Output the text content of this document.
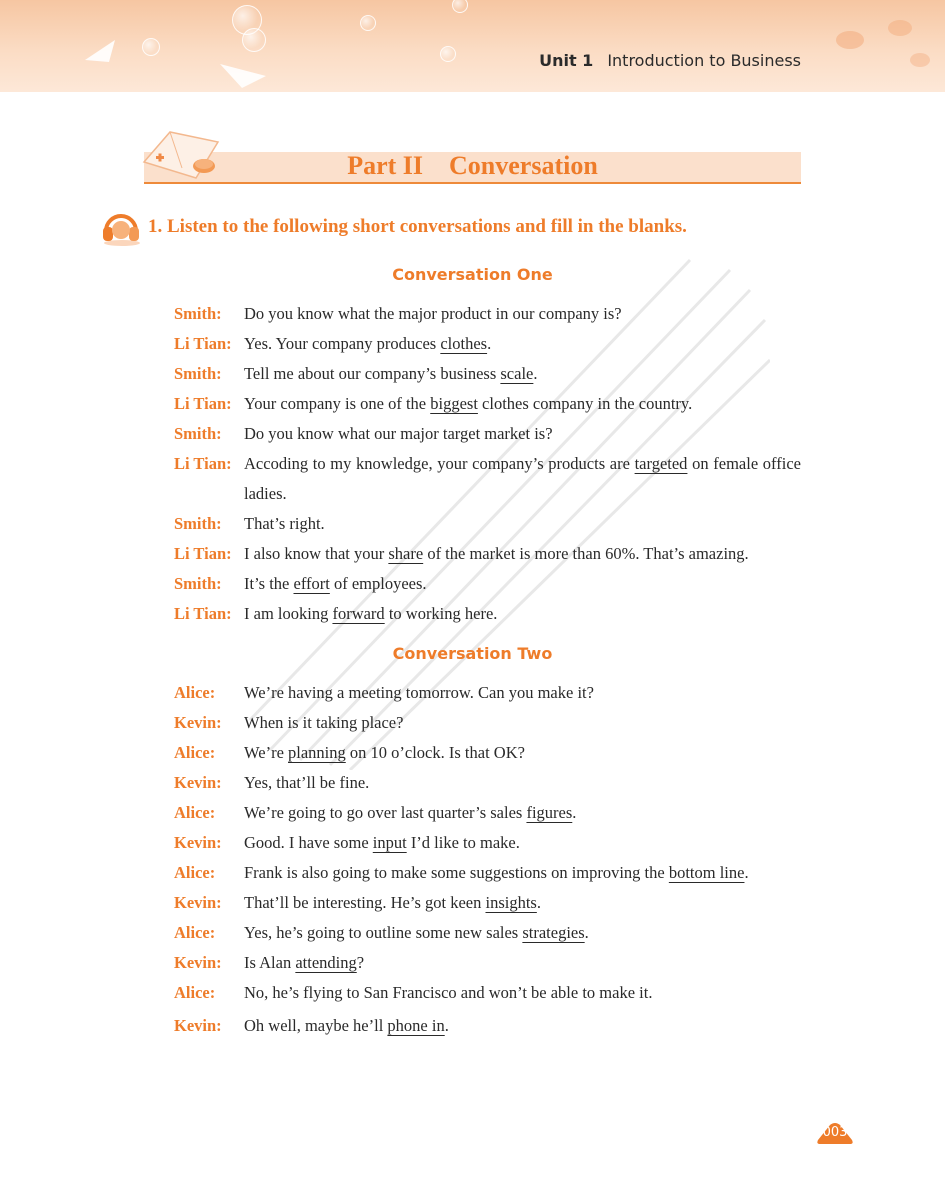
Unit 1 Introduction to Business
Part II    Conversation
1. Listen to the following short conversations and fill in the blanks.
Conversation One
Smith:	Do you know what the major product in our company is?
Li Tian: Yes. Your company produces clothes.
Smith:	Tell me about our company’s business scale.
Li Tian: Your company is one of the biggest clothes company in the country.
Smith:	Do you know what our major target market is?
Li Tian: Accoding to my knowledge, your company’s products are targeted on female office ladies.
Smith:	That’s right.
Li Tian: I also know that your share of the market is more than 60%. That’s amazing.
Smith:	It’s the effort of employees.
Li Tian: I am looking forward to working here.
Conversation Two
Alice:	We’re having a meeting tomorrow. Can you make it?
Kevin:	When is it taking place?
Alice:	We’re planning on 10 o’clock. Is that OK?
Kevin:	Yes, that’ll be fine.
Alice:	We’re going to go over last quarter’s sales figures.
Kevin:	Good. I have some input I’d like to make.
Alice:	Frank is also going to make some suggestions on improving the bottom line.
Kevin:	That’ll be interesting. He’s got keen insights.
Alice:	Yes, he’s going to outline some new sales strategies.
Kevin:	Is Alan attending?
Alice:	No, he’s flying to San Francisco and won’t be able to make it.
Kevin:	Oh well, maybe he’ll phone in.
003
